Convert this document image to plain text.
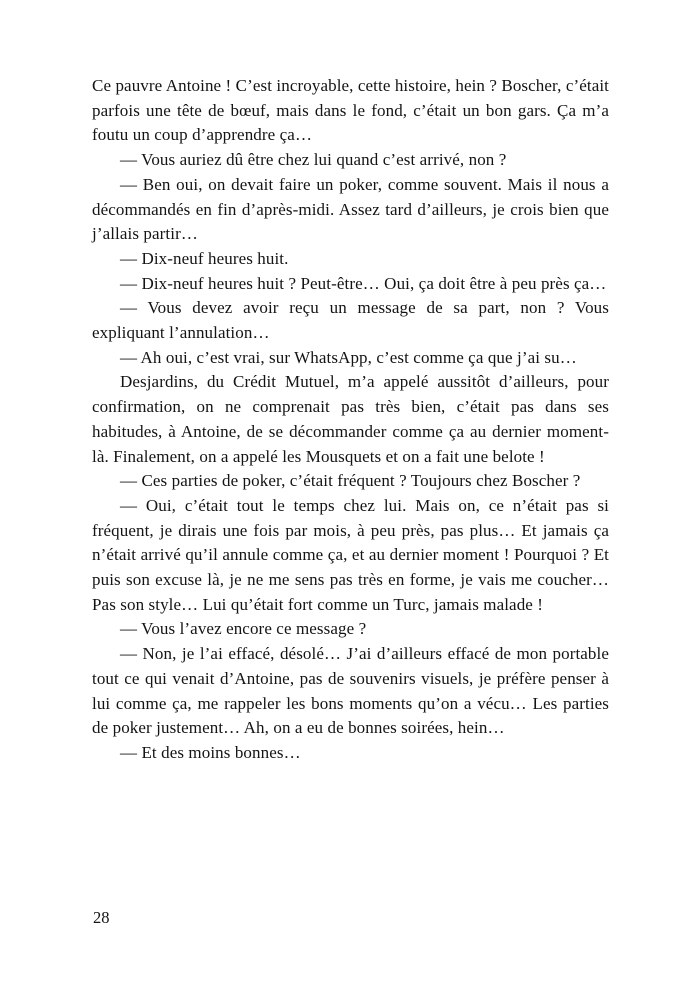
Ce pauvre Antoine ! C’est incroyable, cette histoire, hein ? Boscher, c’était parfois une tête de bœuf, mais dans le fond, c’était un bon gars. Ça m’a foutu un coup d’apprendre ça…

— Vous auriez dû être chez lui quand c’est arrivé, non ?

— Ben oui, on devait faire un poker, comme souvent. Mais il nous a décommandés en fin d’après-midi. Assez tard d’ailleurs, je crois bien que j’allais partir…

— Dix-neuf heures huit.

— Dix-neuf heures huit ? Peut-être… Oui, ça doit être à peu près ça…

— Vous devez avoir reçu un message de sa part, non ? Vous expliquant l’annulation…

— Ah oui, c’est vrai, sur WhatsApp, c’est comme ça que j’ai su…

Desjardins, du Crédit Mutuel, m’a appelé aussitôt d’ailleurs, pour confirmation, on ne comprenait pas très bien, c’était pas dans ses habitudes, à Antoine, de se décommander comme ça au dernier moment-là. Finalement, on a appelé les Mousquets et on a fait une belote !

— Ces parties de poker, c’était fréquent ? Toujours chez Boscher ?

— Oui, c’était tout le temps chez lui. Mais on, ce n’était pas si fréquent, je dirais une fois par mois, à peu près, pas plus… Et jamais ça n’était arrivé qu’il annule comme ça, et au dernier moment ! Pourquoi ? Et puis son excuse là, je ne me sens pas très en forme, je vais me coucher… Pas son style… Lui qu’était fort comme un Turc, jamais malade !

— Vous l’avez encore ce message ?

— Non, je l’ai effacé, désolé… J’ai d’ailleurs effacé de mon portable tout ce qui venait d’Antoine, pas de souvenirs visuels, je préfère penser à lui comme ça, me rappeler les bons moments qu’on a vécu… Les parties de poker justement… Ah, on a eu de bonnes soirées, hein…

— Et des moins bonnes…

28
